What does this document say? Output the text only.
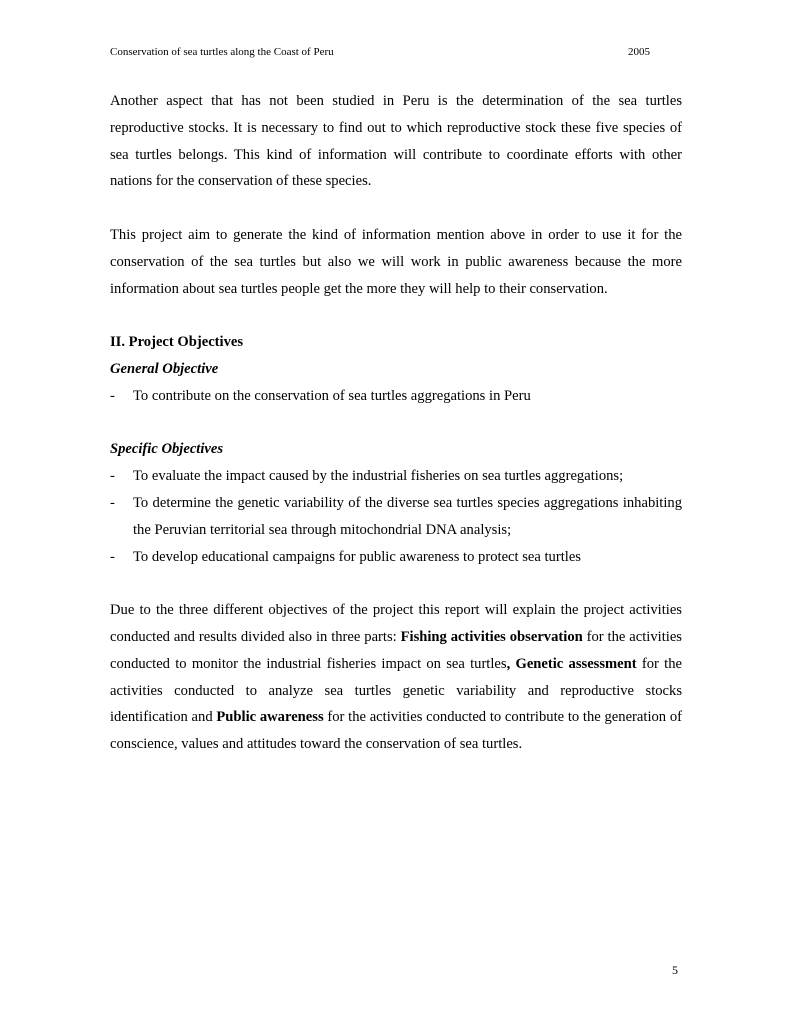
Conservation of sea turtles along the Coast of Peru	2005

Another aspect that has not been studied in Peru is the determination of the sea turtles reproductive stocks. It is necessary to find out to which reproductive stock these five species of sea turtles belongs. This kind of information will contribute to coordinate efforts with other nations for the conservation of these species.

This project aim to generate the kind of information mention above in order to use it for the conservation of the sea turtles but also we will work in public awareness because the more information about sea turtles people get the more they will help to their conservation.

II. Project Objectives

General Objective

- To contribute on the conservation of sea turtles aggregations in Peru

Specific Objectives

- To evaluate the impact caused by the industrial fisheries on sea turtles aggregations;

- To determine the genetic variability of the diverse sea turtles species aggregations inhabiting the Peruvian territorial sea through mitochondrial DNA analysis;

- To develop educational campaigns for public awareness to protect sea turtles

Due to the three different objectives of the project this report will explain the project activities conducted and results divided also in three parts: Fishing activities observation for the activities conducted to monitor the industrial fisheries impact on sea turtles, Genetic assessment for the activities conducted to analyze sea turtles genetic variability and reproductive stocks identification and Public awareness for the activities conducted to contribute to the generation of conscience, values and attitudes toward the conservation of sea turtles.

5
